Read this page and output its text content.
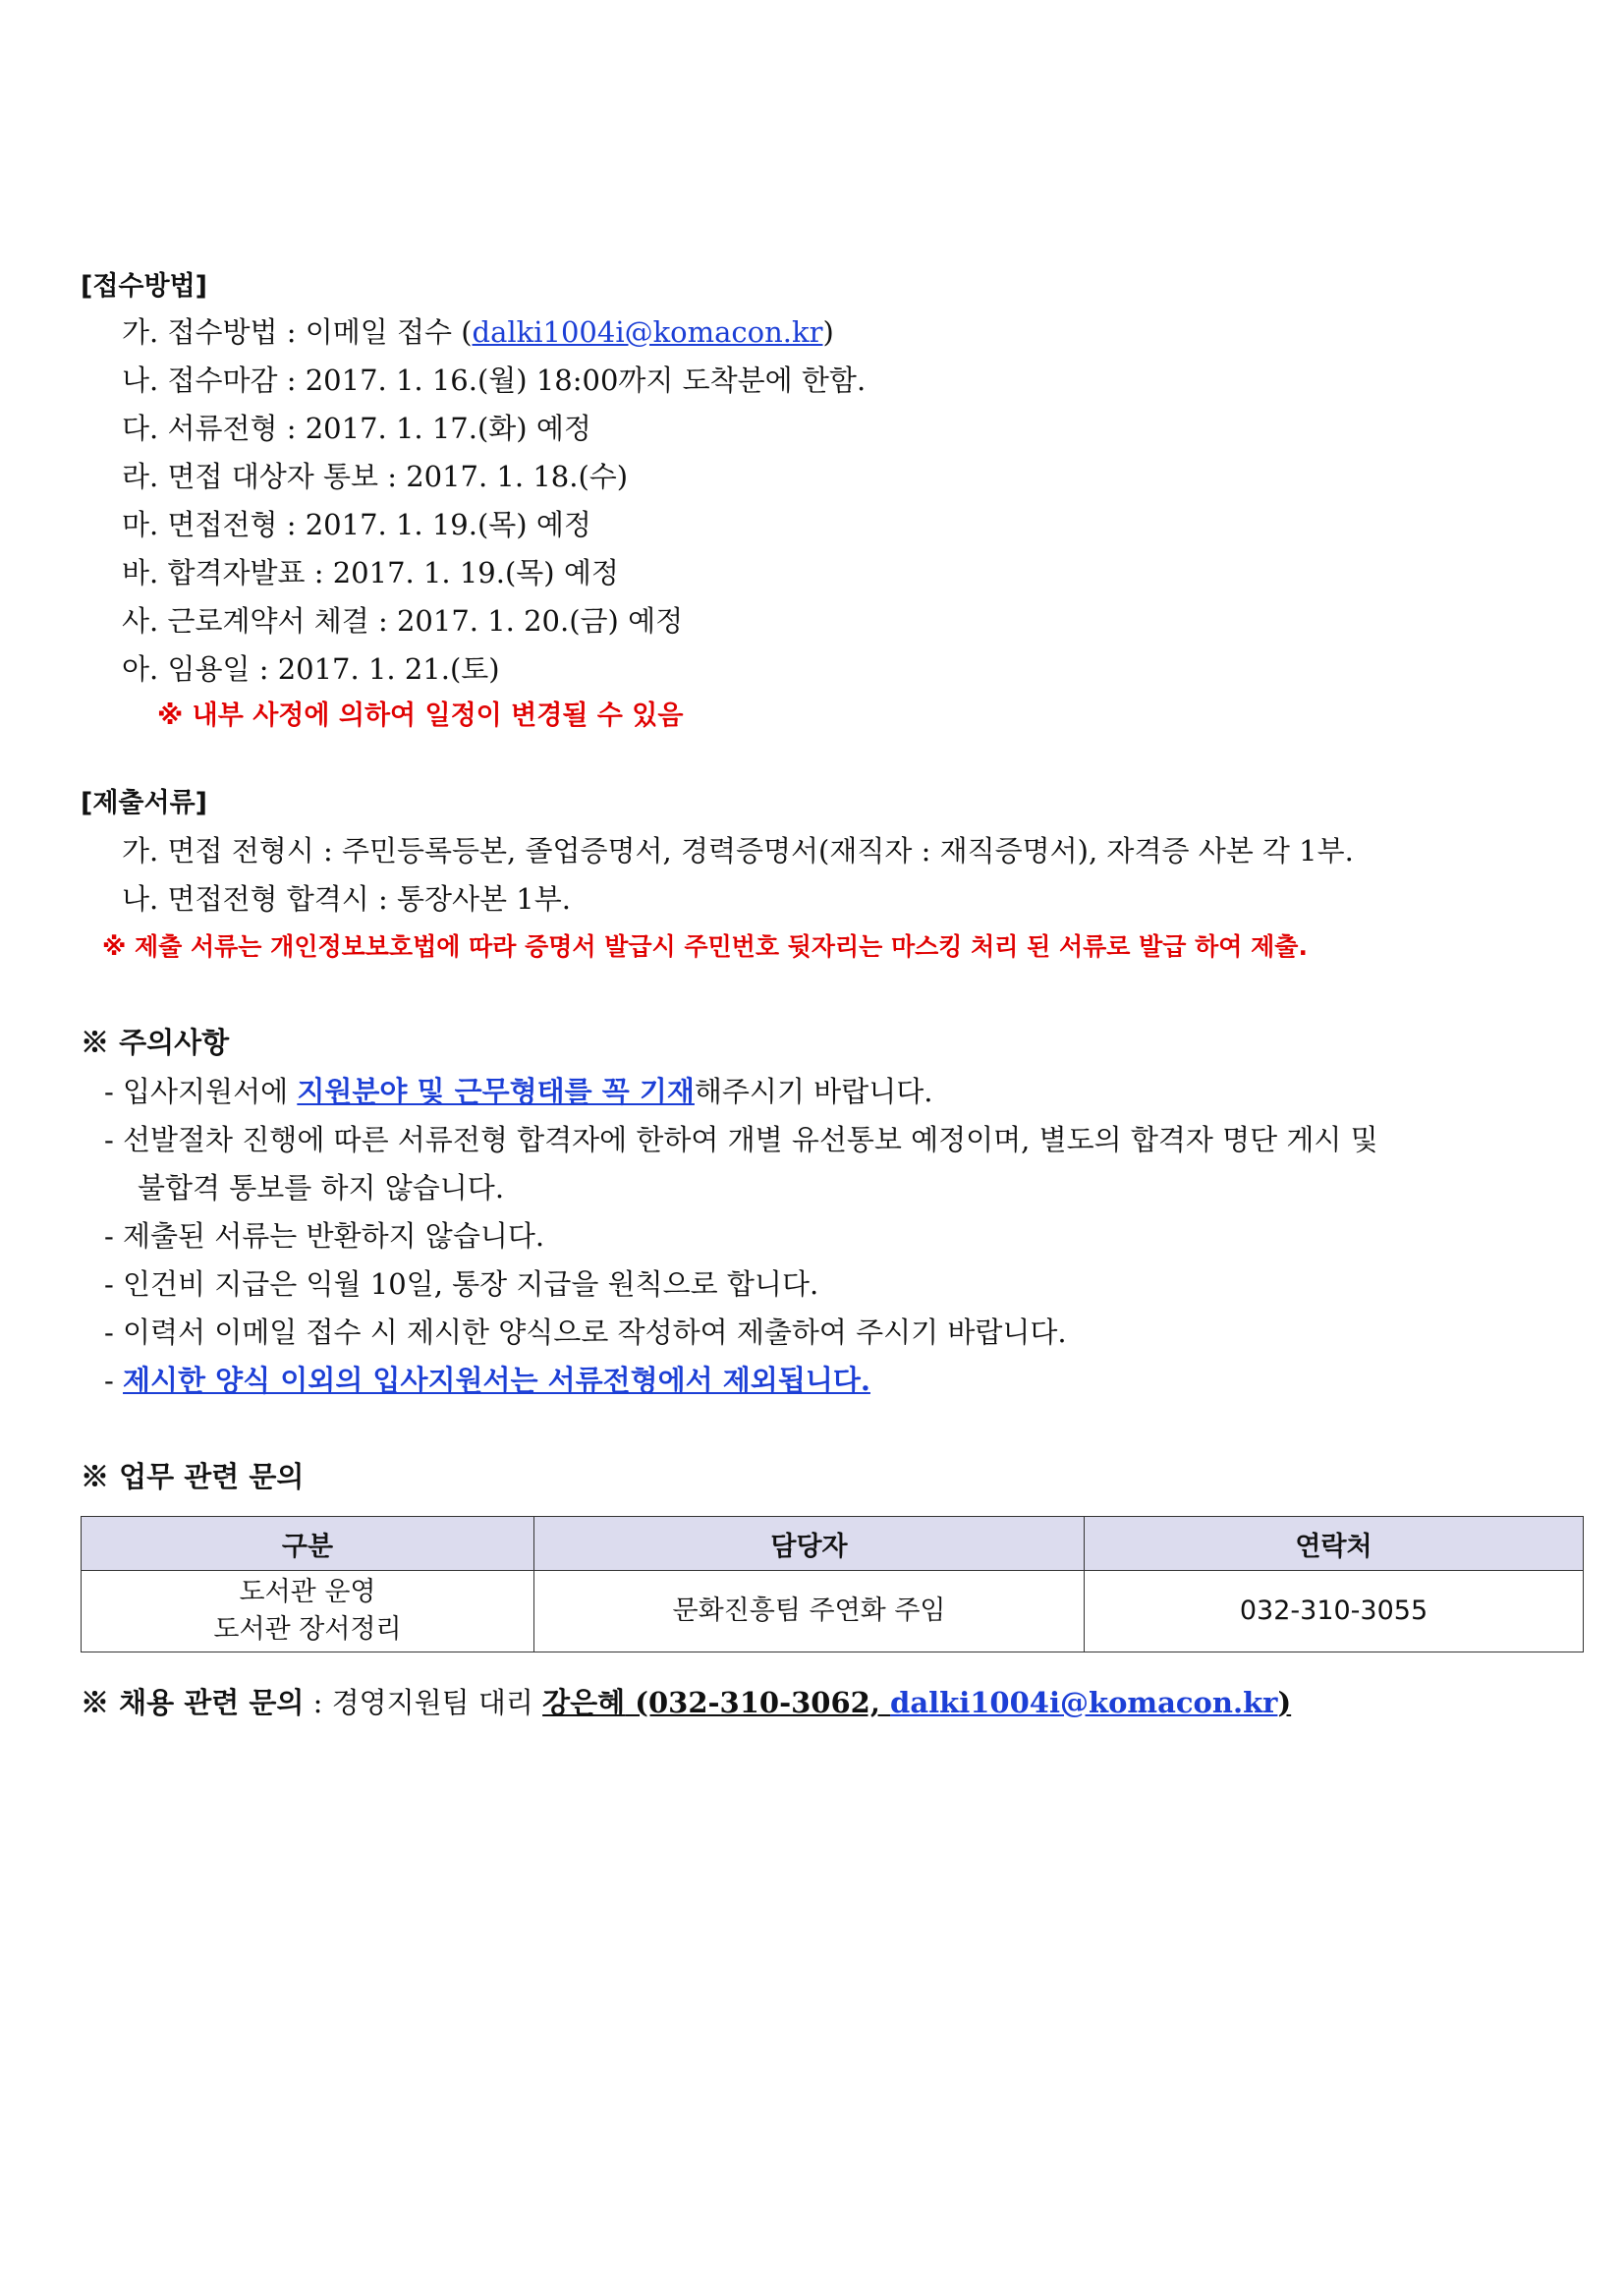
[접수방법]
가. 접수방법 : 이메일 접수 (dalki1004i@komacon.kr)
나. 접수마감 : 2017. 1. 16.(월) 18:00까지 도착분에 한함.
다. 서류전형 : 2017. 1. 17.(화) 예정
라. 면접 대상자 통보 : 2017. 1. 18.(수)
마. 면접전형 : 2017. 1. 19.(목) 예정
바. 합격자발표 : 2017. 1. 19.(목) 예정
사. 근로계약서 체결 : 2017. 1. 20.(금) 예정
아. 임용일 : 2017. 1. 21.(토)
※ 내부 사정에 의하여 일정이 변경될 수 있음
[제출서류]
가. 면접 전형시 : 주민등록등본, 졸업증명서, 경력증명서(재직자 : 재직증명서), 자격증 사본 각 1부.
나. 면접전형 합격시 : 통장사본 1부.
※ 제출 서류는 개인정보보호법에 따라 증명서 발급시 주민번호 뒷자리는 마스킹 처리 된 서류로 발급 하여 제출.
※ 주의사항
- 입사지원서에 지원분야 및 근무형태를 꼭 기재해주시기 바랍니다.
- 선발절차 진행에 따른 서류전형 합격자에 한하여 개별 유선통보 예정이며, 별도의 합격자 명단 게시 및
불합격 통보를 하지 않습니다.
- 제출된 서류는 반환하지 않습니다.
- 인건비 지급은 익월 10일, 통장 지급을 원칙으로 합니다.
- 이력서 이메일 접수 시 제시한 양식으로 작성하여 제출하여 주시기 바랍니다.
- 제시한 양식 이외의 입사지원서는 서류전형에서 제외됩니다.
※ 업무 관련 문의
구분	담당자	연락처

도서관 운영
도서관 장서정리	문화진흥팀 주연화 주임	032-310-3055
※ 채용 관련 문의 : 경영지원팀 대리 강은혜 (032-310-3062, dalki1004i@komacon.kr)
